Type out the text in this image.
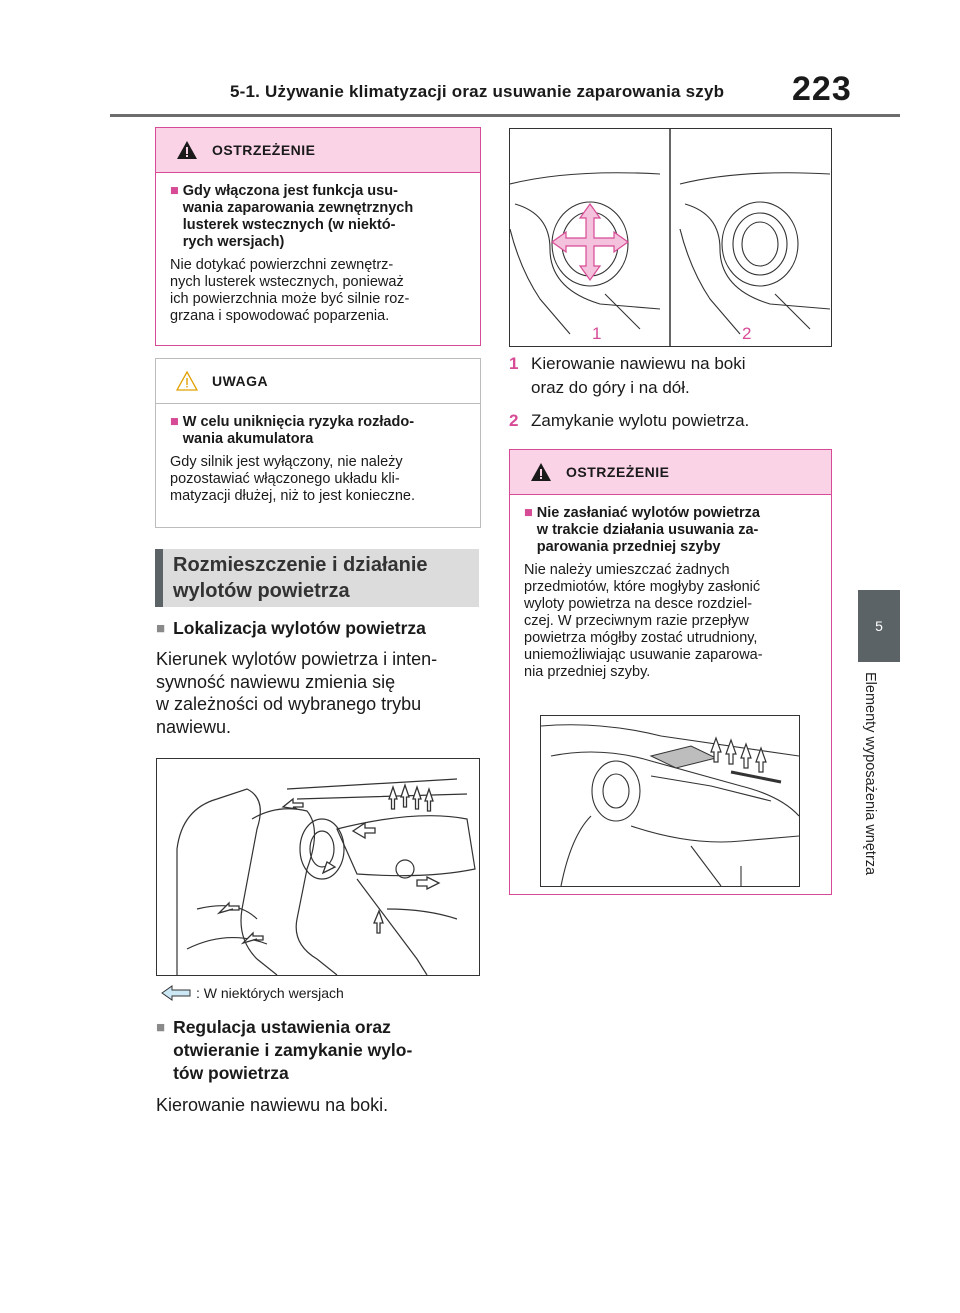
5-1. Używanie klimatyzacji oraz usuwanie zaparowania szyb 223
5
Elementy wyposażenia wnętrza
OSTRZEŻENIE
■ Gdy włączona jest funkcja usu-
wania zaparowania zewnętrznych
lusterek wstecznych (w niektó-
rych wersjach)
Nie dotykać powierzchni zewnętrz-
nych lusterek wstecznych, ponieważ
ich powierzchnia może być silnie roz-
grzana i spowodować poparzenia.
UWAGA
■ W celu uniknięcia ryzyka rozłado-
wania akumulatora
Gdy silnik jest wyłączony, nie należy
pozostawiać włączonego układu kli-
matyzacji dłużej, niż to jest konieczne.
Rozmieszczenie i działanie
wylotów powietrza
■ Lokalizacja wylotów powietrza
Kierunek wylotów powietrza i inten-
sywność nawiewu zmienia się
w zależności od wybranego trybu
nawiewu.
: W niektórych wersjach
■ Regulacja ustawienia oraz
otwieranie i zamykanie wylo-
tów powietrza
Kierowanie nawiewu na boki.
1	2
1 Kierowanie nawiewu na boki
oraz do góry i na dół.
2 Zamykanie wylotu powietrza.
OSTRZEŻENIE
■ Nie zasłaniać wylotów powietrza
w trakcie działania usuwania za-
parowania przedniej szyby
Nie należy umieszczać żadnych
przedmiotów, które mogłyby zasłonić
wyloty powietrza na desce rozdziel-
czej. W przeciwnym razie przepływ
powietrza mógłby zostać utrudniony,
uniemożliwiając usuwanie zaparowa-
nia przedniej szyby.
